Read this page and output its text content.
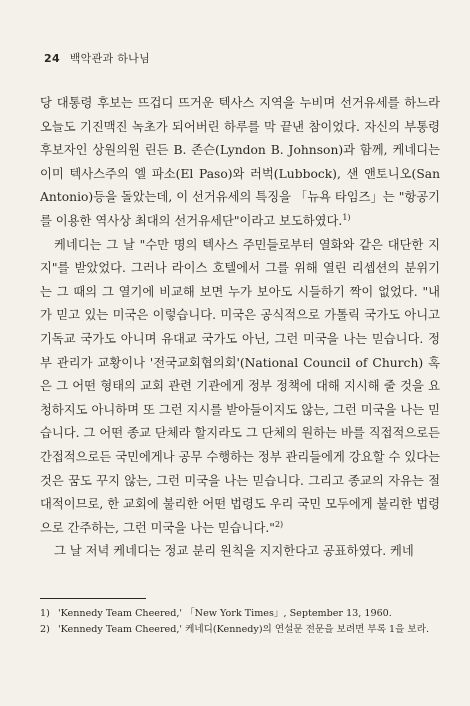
24 백악관과 하나님

당 대통령 후보는 뜨겁디 뜨거운 텍사스 지역을 누비며 선거유세를 하느라 오늘도 기진맥진 녹초가 되어버린 하루를 막 끝낸 참이었다. 자신의 부통령 후보자인 상원의원 린든 B. 존슨(Lyndon B. Johnson)과 함께, 케네디는 이미 텍사스주의 엘 파소(El Paso)와 러벅(Lubbock), 샌 앤토니오(San Antonio)등을 돌았는데, 이 선거유세의 특징을 「뉴욕 타임즈」는 "항공기를 이용한 역사상 최대의 선거유세단"이라고 보도하였다.$^{1)}$

케네디는 그 날 "수만 명의 텍사스 주민들로부터 열화와 같은 대단한 지지"를 받았었다. 그러나 라이스 호텔에서 그를 위해 열린 리셉션의 분위기는 그 때의 그 열기에 비교해 보면 누가 보아도 시들하기 짝이 없었다. "내가 믿고 있는 미국은 이렇습니다. 미국은 공식적으로 가톨릭 국가도 아니고 기독교 국가도 아니며 유대교 국가도 아닌, 그런 미국을 나는 믿습니다. 정부 관리가 교황이나 '전국교회협의회'(National Council of Church) 혹은 그 어떤 형태의 교회 관련 기관에게 정부 정책에 대해 지시해 줄 것을 요청하지도 아니하며 또 그런 지시를 받아들이지도 않는, 그런 미국을 나는 믿습니다. 그 어떤 종교 단체라 할지라도 그 단체의 원하는 바를 직접적으로든 간접적으로든 국민에게나 공무 수행하는 정부 관리들에게 강요할 수 있다는 것은 꿈도 꾸지 않는, 그런 미국을 나는 믿습니다. 그리고 종교의 자유는 절대적이므로, 한 교회에 불리한 어떤 법령도 우리 국민 모두에게 불리한 법령으로 간주하는, 그런 미국을 나는 믿습니다."$^{2)}$

그 날 저녁 케네디는 정교 분리 원칙을 지지한다고 공표하였다. 케네

1) 'Kennedy Team Cheered,' 「New York Times」, September 13, 1960.
2) 'Kennedy Team Cheered,' 케네디(Kennedy)의 연설문 전문을 보려면 부록 1을 보라.
